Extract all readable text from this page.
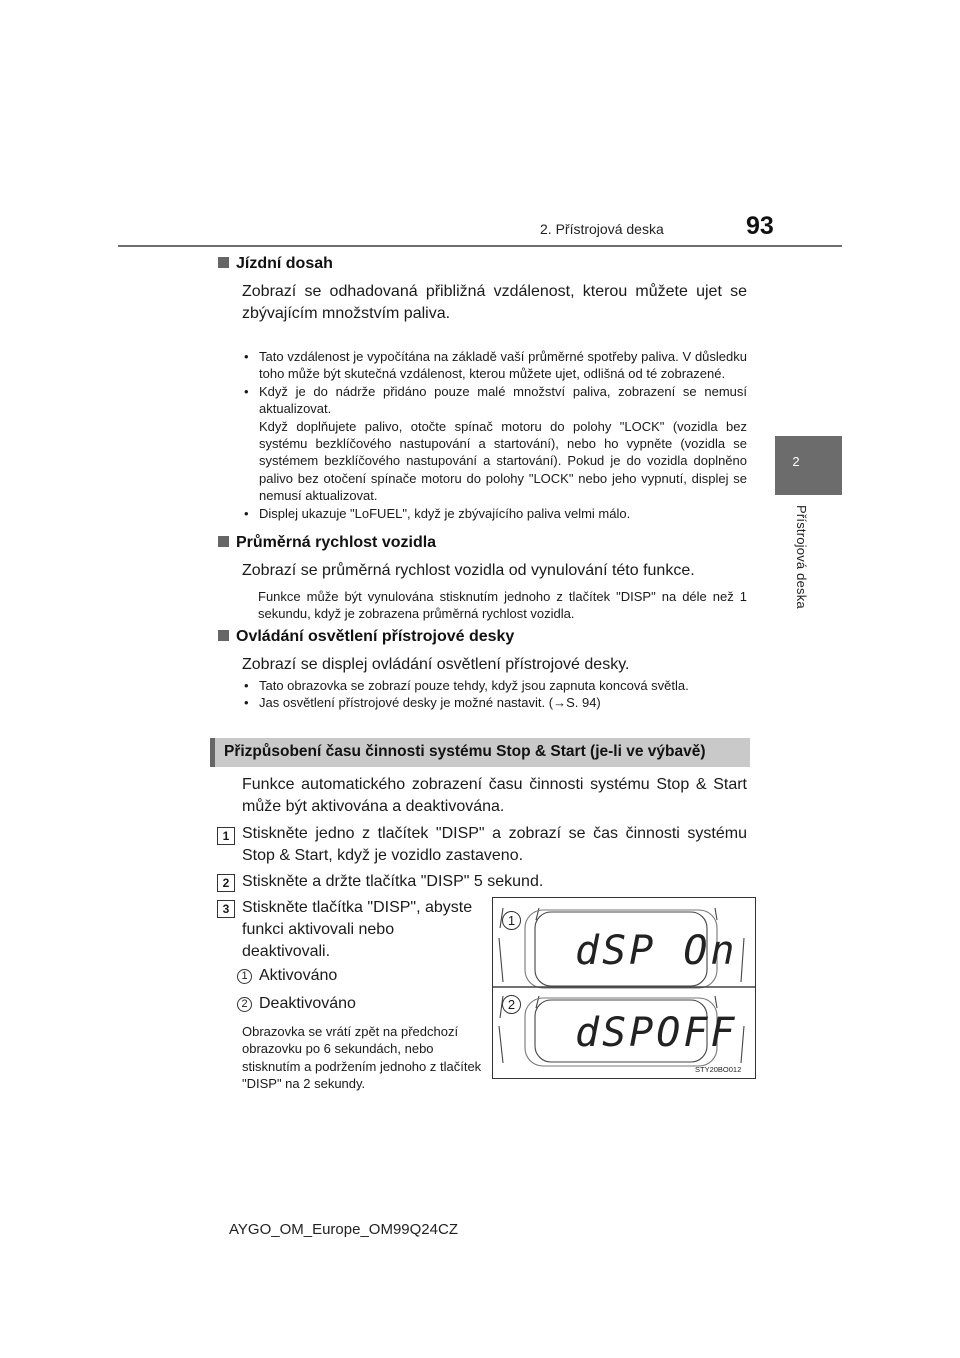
2. Přístrojová deska	93
2
Přístrojová deska
Jízdní dosah
Zobrazí se odhadovaná přibližná vzdálenost, kterou můžete ujet se zbývajícím množstvím paliva.
• Tato vzdálenost je vypočítána na základě vaší průměrné spotřeby paliva. V důsledku toho může být skutečná vzdálenost, kterou můžete ujet, odlišná od té zobrazené.

• Když je do nádrže přidáno pouze malé množství paliva, zobrazení se nemusí aktualizovat.

Když doplňujete palivo, otočte spínač motoru do polohy "LOCK" (vozidla bez systému bezklíčového nastupování a startování), nebo ho vypněte (vozidla se systémem bezklíčového nastupování a startování). Pokud je do vozidla doplněno palivo bez otočení spínače motoru do polohy "LOCK" nebo jeho vypnutí, displej se nemusí aktualizovat.

• Displej ukazuje "LoFUEL", když je zbývajícího paliva velmi málo.

Průměrná rychlost vozidla
Zobrazí se průměrná rychlost vozidla od vynulování této funkce.
Funkce může být vynulována stisknutím jednoho z tlačítek "DISP" na déle než 1 sekundu, když je zobrazena průměrná rychlost vozidla.
Ovládání osvětlení přístrojové desky
Zobrazí se displej ovládání osvětlení přístrojové desky.
• Tato obrazovka se zobrazí pouze tehdy, když jsou zapnuta koncová světla.

• Jas osvětlení přístrojové desky je možné nastavit. (→S. 94)

Přizpůsobení času činnosti systému Stop & Start (je-li ve výbavě)
Funkce automatického zobrazení času činnosti systému Stop & Start může být aktivována a deaktivována.
1 Stiskněte jedno z tlačítek "DISP" a zobrazí se čas činnosti systému Stop & Start, když je vozidlo zastaveno.
2 Stiskněte a držte tlačítka "DISP" 5 sekund.
3 Stiskněte tlačítka "DISP", abyste funkci aktivovali nebo deaktivovali.
1 Aktivováno
2 Deaktivováno
Obrazovka se vrátí zpět na předchozí obrazovku po 6 sekundách, nebo stisknutím a podržením jednoho z tlačítek "DISP" na 2 sekundy.
1
2
dSP On
dSPOFF
STY20BO012
AYGO_OM_Europe_OM99Q24CZ
